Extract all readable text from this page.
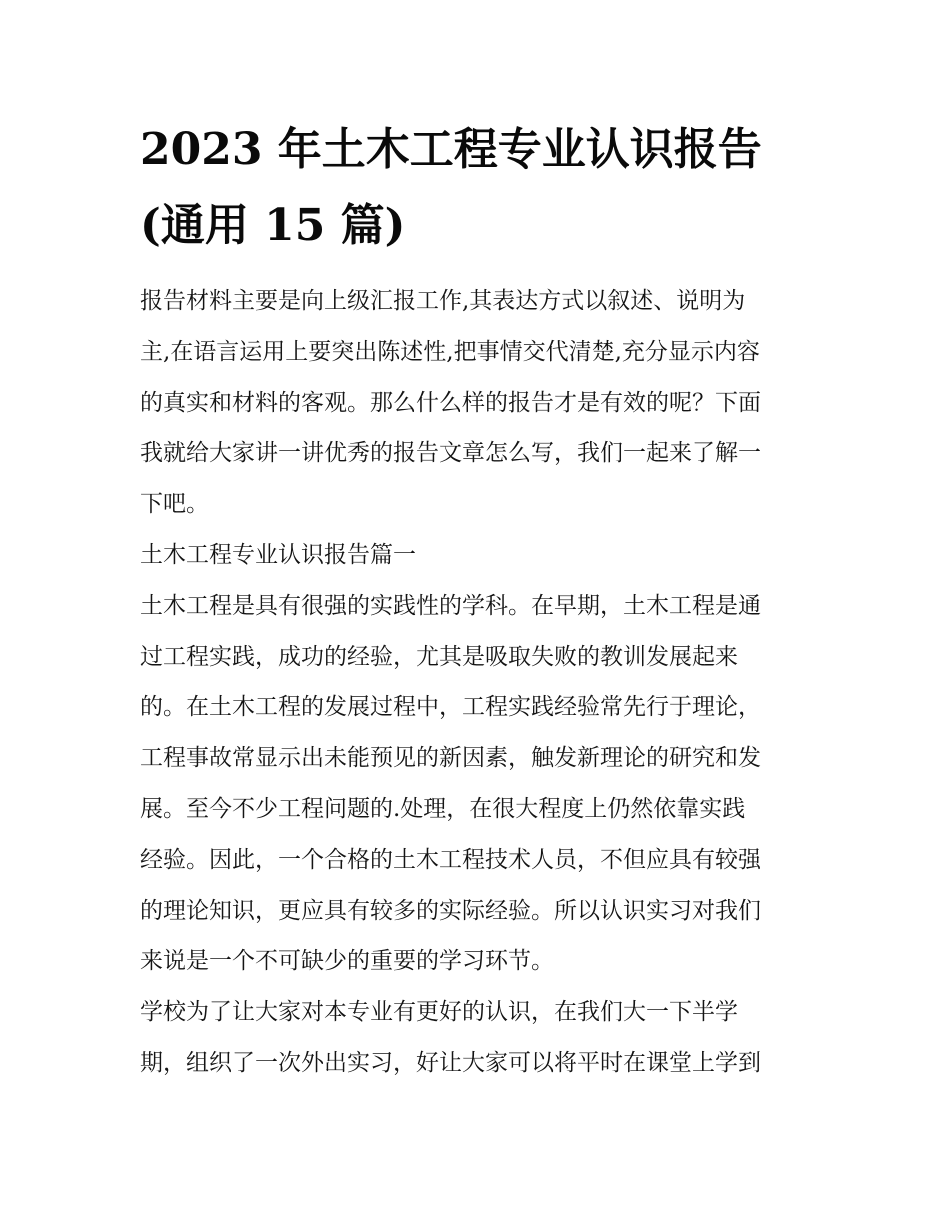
2023 年土木工程专业认识报告
(通用 15 篇)
报告材料主要是向上级汇报工作,其表达方式以叙述、说明为
主,在语言运用上要突出陈述性,把事情交代清楚,充分显示内容
的真实和材料的客观。那么什么样的报告才是有效的呢？下面
我就给大家讲一讲优秀的报告文章怎么写，我们一起来了解一
下吧。
土木工程专业认识报告篇一
土木工程是具有很强的实践性的学科。在早期，土木工程是通
过工程实践，成功的经验，尤其是吸取失败的教训发展起来
的。在土木工程的发展过程中，工程实践经验常先行于理论，
工程事故常显示出未能预见的新因素，触发新理论的研究和发
展。至今不少工程问题的.处理，在很大程度上仍然依靠实践
经验。因此，一个合格的土木工程技术人员，不但应具有较强
的理论知识，更应具有较多的实际经验。所以认识实习对我们
来说是一个不可缺少的重要的学习环节。
学校为了让大家对本专业有更好的认识，在我们大一下半学
期，组织了一次外出实习，好让大家可以将平时在课堂上学到
